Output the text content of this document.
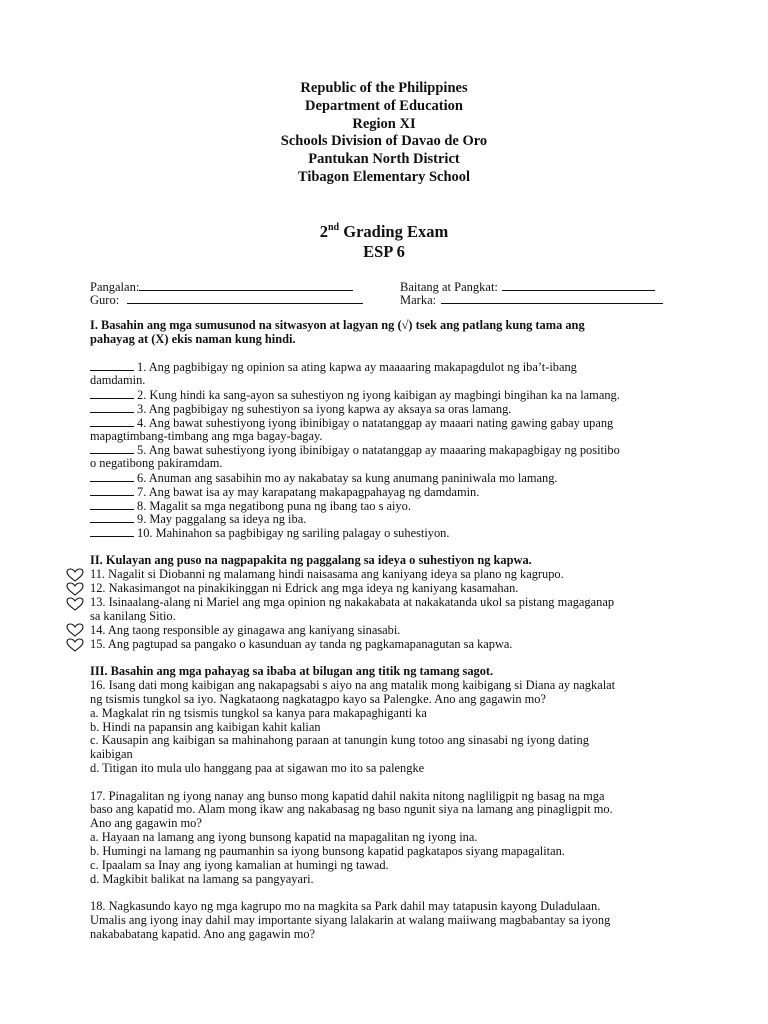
Republic of the Philippines
Department of Education
Region XI
Schools Division of Davao de Oro
Pantukan North District
Tibagon Elementary School
2nd Grading Exam
ESP 6
Pangalan:
Guro:
Baitang at Pangkat:
Marka:
I. Basahin ang mga sumusunod na sitwasyon at lagyan ng (√) tsek ang patlang kung tama ang
pahayag at (X) ekis naman kung hindi.
1. Ang pagbibigay ng opinion sa ating kapwa ay maaaaring makapagdulot ng iba’t-ibang
damdamin.
2. Kung hindi ka sang-ayon sa suhestiyon ng iyong kaibigan ay magbingi bingihan ka na lamang.
3. Ang pagbibigay ng suhestiyon sa iyong kapwa ay aksaya sa oras lamang.
4. Ang bawat suhestiyong iyong ibinibigay o natatanggap ay maaari nating gawing gabay upang
mapagtimbang-timbang ang mga bagay-bagay.
5. Ang bawat suhestiyong iyong ibinibigay o natatanggap ay maaaring makapagbigay ng positibo
o negatibong pakiramdam.
6. Anuman ang sasabihin mo ay nakabatay sa kung anumang paniniwala mo lamang.
7. Ang bawat isa ay may karapatang makapagpahayag ng damdamin.
8. Magalit sa mga negatibong puna ng ibang tao s aiyo.
9. May paggalang sa ideya ng iba.
10. Mahinahon sa pagbibigay ng sariling palagay o suhestiyon.
II. Kulayan ang puso na nagpapakita ng paggalang sa ideya o suhestiyon ng kapwa.
11. Nagalit si Diobanni ng malamang hindi naisasama ang kaniyang ideya sa plano ng kagrupo.
12. Nakasimangot na pinakikinggan ni Edrick ang mga ideya ng kaniyang kasamahan.
13. Isinaalang-alang ni Mariel ang mga opinion ng nakakabata at nakakatanda ukol sa pistang magaganap
sa kanilang Sitio.
14. Ang taong responsible ay ginagawa ang kaniyang sinasabi.
15. Ang pagtupad sa pangako o kasunduan ay tanda ng pagkamapanagutan sa kapwa.
III. Basahin ang mga pahayag sa ibaba at bilugan ang titik ng tamang sagot.
16. Isang dati mong kaibigan ang nakapagsabi s aiyo na ang matalik mong kaibigang si Diana ay nagkalat
ng tsismis tungkol sa iyo. Nagkataong nagkatagpo kayo sa Palengke. Ano ang gagawin mo?
a. Magkalat rin ng tsismis tungkol sa kanya para makapaghiganti ka
b. Hindi na papansin ang kaibigan kahit kalian
c. Kausapin ang kaibigan sa mahinahong paraan at tanungin kung totoo ang sinasabi ng iyong dating
kaibigan
d. Titigan ito mula ulo hanggang paa at sigawan mo ito sa palengke
17. Pinagalitan ng iyong nanay ang bunso mong kapatid dahil nakita nitong nagliligpit ng basag na mga
baso ang kapatid mo. Alam mong ikaw ang nakabasag ng baso ngunit siya na lamang ang pinagligpit mo.
Ano ang gagawin mo?
a. Hayaan na lamang ang iyong bunsong kapatid na mapagalitan ng iyong ina.
b. Humingi na lamang ng paumanhin sa iyong bunsong kapatid pagkatapos siyang mapagalitan.
c. Ipaalam sa Inay ang iyong kamalian at humingi ng tawad.
d. Magkibit balikat na lamang sa pangyayari.
18. Nagkasundo kayo ng mga kagrupo mo na magkita sa Park dahil may tatapusin kayong Duladulaan.
Umalis ang iyong inay dahil may importante siyang lalakarin at walang maiiwang magbabantay sa iyong
nakababatang kapatid. Ano ang gagawin mo?
